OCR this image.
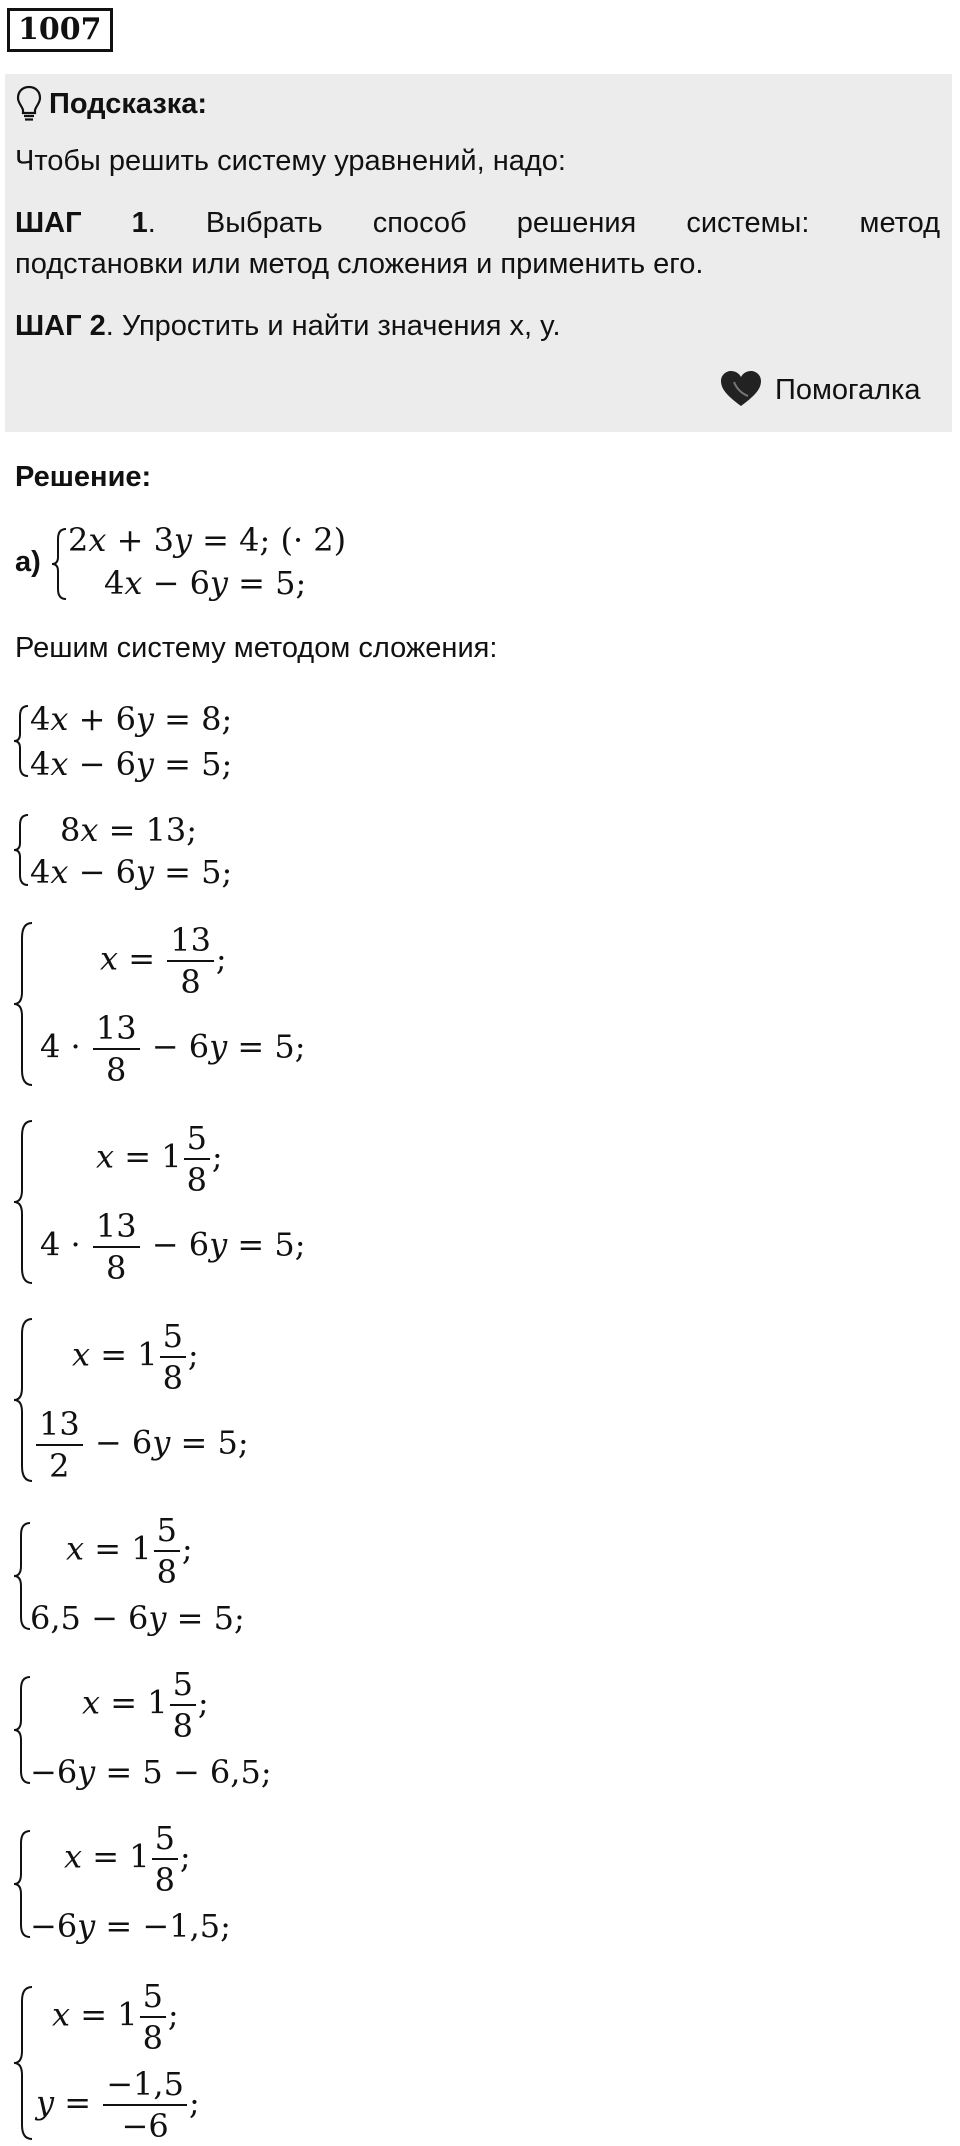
1007
Подсказка:
Чтобы решить систему уравнений, надо:
ШАГ 1. Выбрать способ решения системы: метод
подстановки или метод сложения и применить его.
ШАГ 2. Упростить и найти значения x, y.
Помогалка
Решение:
а)
2x + 3y = 4; (· 2)
4x − 6y = 5;
Решим систему методом сложения:
4x + 6y = 8;
4x − 6y = 5;
8x = 13;
4x − 6y = 5;
$x = \frac{13}{8}$ ;
$4 \cdot \frac{13}{8} - 6y = 5$;
$x = 1 \frac{5}{8}$ ;
$4 \cdot \frac{13}{8} - 6y = 5$;
$x = 1 \frac{5}{8}$ ;
$\frac{13}{2} - 6y = 5$;
$x = 1 \frac{5}{8}$ ;
6,5 − 6y = 5;
$x = 1 \frac{5}{8}$ ;
−6y = 5 − 6,5;
$x = 1 \frac{5}{8}$ ;
−6y = −1,5;
$x = 1 \frac{5}{8}$ ;
$y = \frac{-1,5}{-6}$ ;
